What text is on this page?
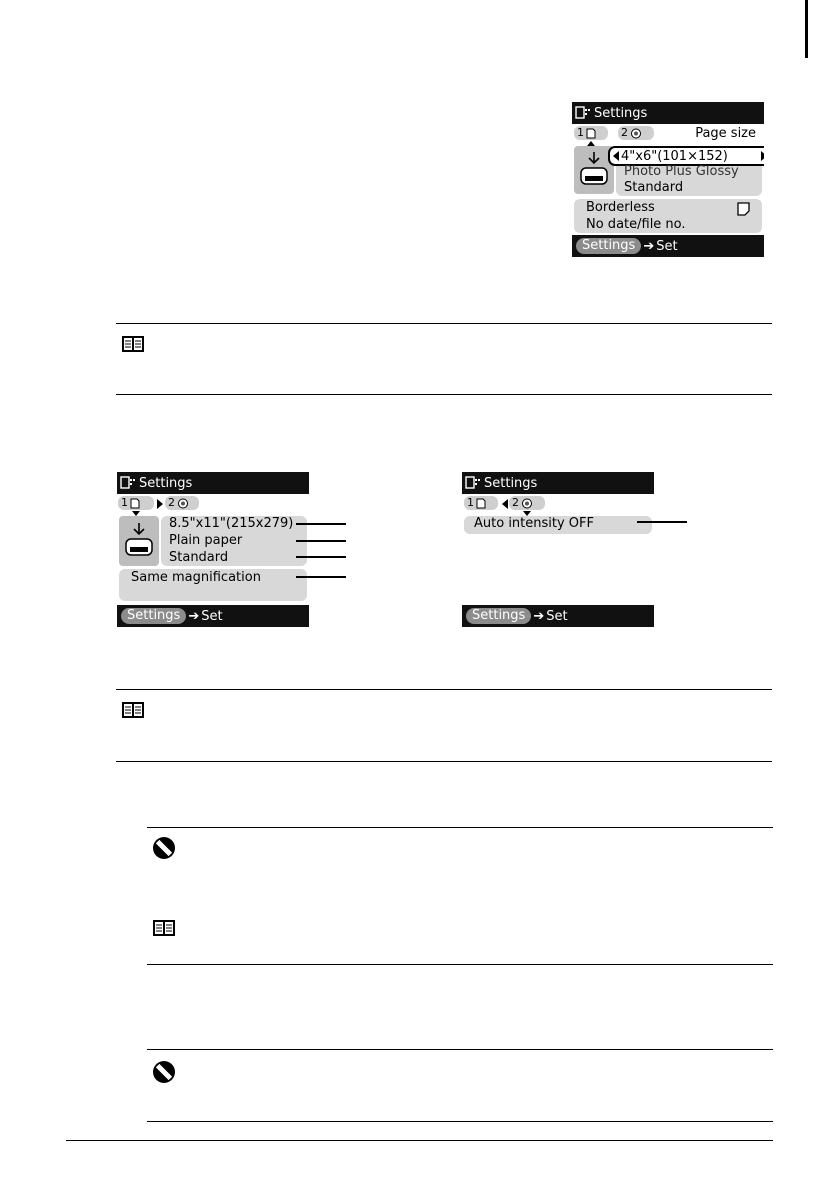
Settings
1	2	Page size
4"x6"(101×152)
Photo Plus Glossy
Standard
Borderless
No date/file no.
Settings ➔ Set
Settings
1	2
8.5"x11"(215x279)
Plain paper
Standard
Same magnification
Settings ➔ Set
Settings
1	2
Auto intensity OFF
Settings ➔ Set
